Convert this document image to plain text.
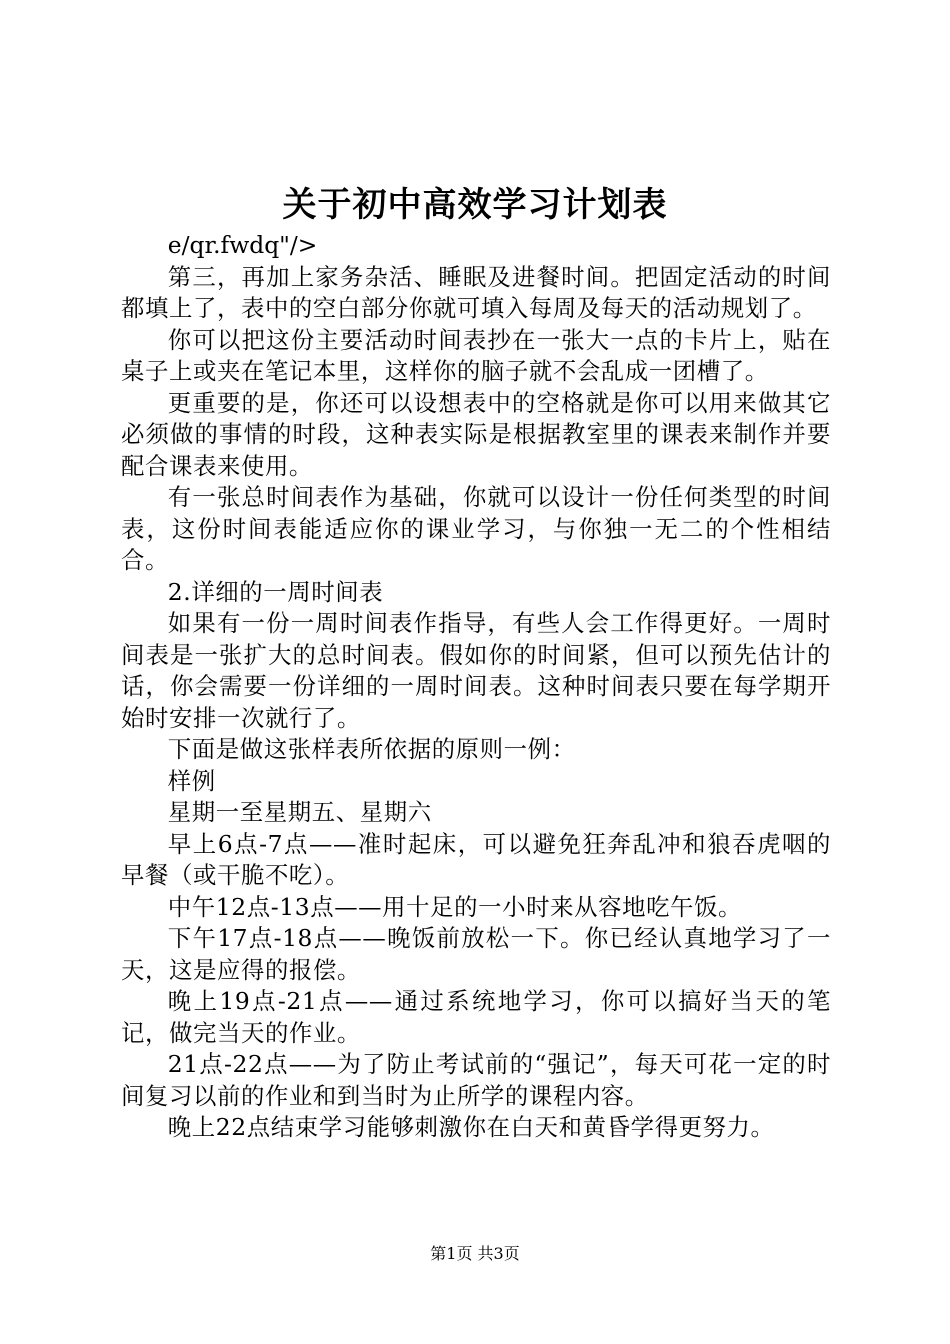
关于初中高效学习计划表

e/qr.fwdq"/>

第三，再加上家务杂活、睡眠及进餐时间。把固定活动的时间都填上了，表中的空白部分你就可填入每周及每天的活动规划了。

你可以把这份主要活动时间表抄在一张大一点的卡片上，贴在桌子上或夹在笔记本里，这样你的脑子就不会乱成一团槽了。

更重要的是，你还可以设想表中的空格就是你可以用来做其它必须做的事情的时段，这种表实际是根据教室里的课表来制作并要配合课表来使用。

有一张总时间表作为基础，你就可以设计一份任何类型的时间表，这份时间表能适应你的课业学习，与你独一无二的个性相结合。

2.详细的一周时间表

如果有一份一周时间表作指导，有些人会工作得更好。一周时间表是一张扩大的总时间表。假如你的时间紧，但可以预先估计的话，你会需要一份详细的一周时间表。这种时间表只要在每学期开始时安排一次就行了。

下面是做这张样表所依据的原则一例：

样例

星期一至星期五、星期六

早上6点-7点——准时起床，可以避免狂奔乱冲和狼吞虎咽的早餐（或干脆不吃）。

中午12点-13点——用十足的一小时来从容地吃午饭。

下午17点-18点——晚饭前放松一下。你已经认真地学习了一天，这是应得的报偿。

晚上19点-21点——通过系统地学习，你可以搞好当天的笔记，做完当天的作业。

21点-22点——为了防止考试前的“强记”，每天可花一定的时间复习以前的作业和到当时为止所学的课程内容。

晚上22点结束学习能够刺激你在白天和黄昏学得更努力。

第1页 共3页
